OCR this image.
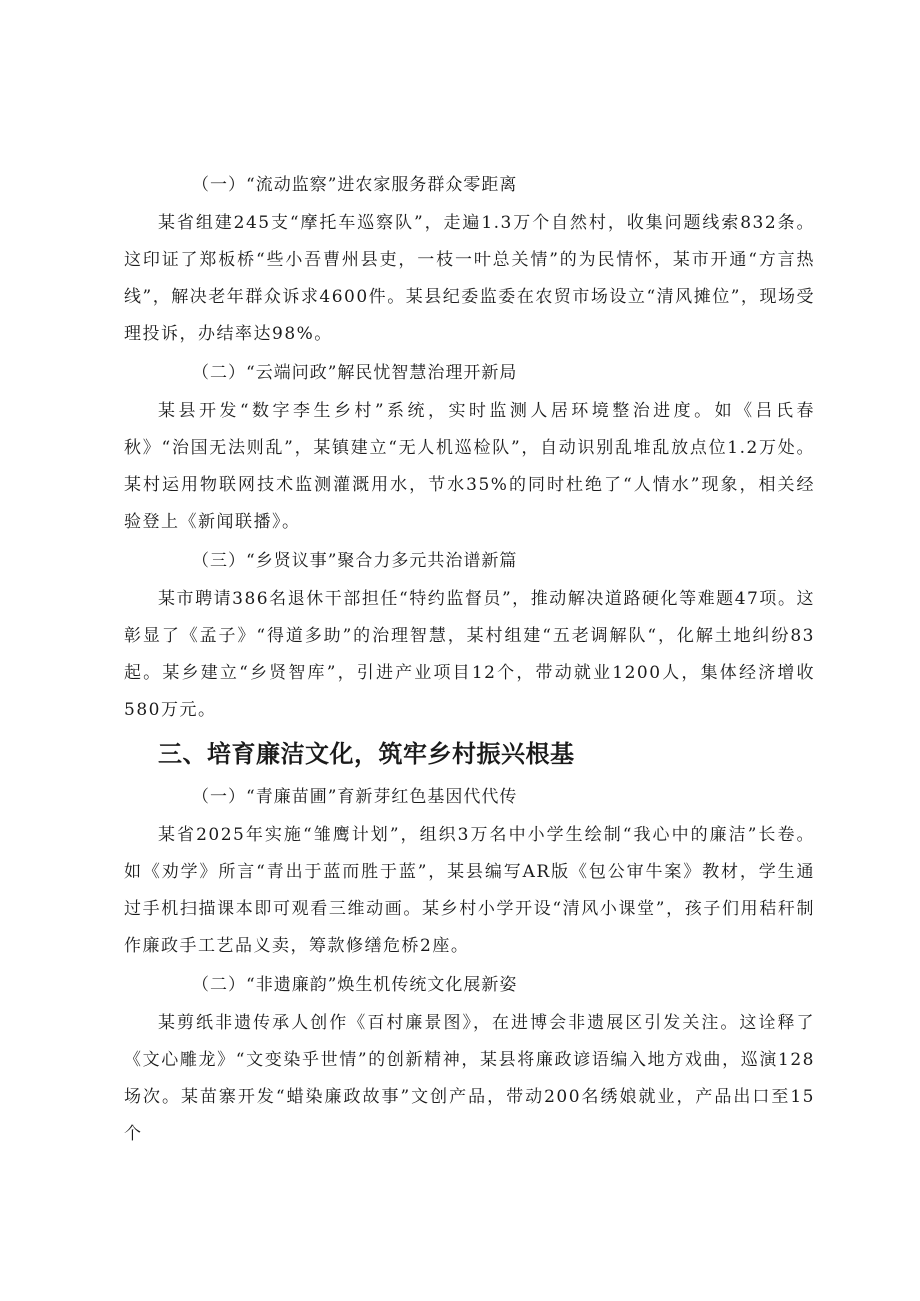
（一）“流动监察”进农家服务群众零距离

某省组建245支“摩托车巡察队”，走遍1.3万个自然村，收集问题线索832条。这印证了郑板桥“些小吾曹州县吏，一枝一叶总关情”的为民情怀，某市开通“方言热线”，解决老年群众诉求4600件。某县纪委监委在农贸市场设立“清风摊位”，现场受理投诉，办结率达98%。

（二）“云端问政”解民忧智慧治理开新局

某县开发“数字李生乡村”系统，实时监测人居环境整治进度。如《吕氏春秋》“治国无法则乱”，某镇建立“无人机巡检队”，自动识别乱堆乱放点位1.2万处。某村运用物联网技术监测灌溉用水，节水35%的同时杜绝了“人情水”现象，相关经验登上《新闻联播》。

（三）“乡贤议事”聚合力多元共治谱新篇

某市聘请386名退休干部担任“特约监督员”，推动解决道路硬化等难题47项。这彰显了《孟子》“得道多助”的治理智慧，某村组建“五老调解队“，化解土地纠纷83起。某乡建立“乡贤智库”，引进产业项目12个，带动就业1200人，集体经济增收580万元。

三、培育廉洁文化，筑牢乡村振兴根基

（一）“青廉苗圃”育新芽红色基因代代传

某省2025年实施“雏鹰计划”，组织3万名中小学生绘制“我心中的廉洁”长卷。如《劝学》所言“青出于蓝而胜于蓝”，某县编写AR版《包公审牛案》教材，学生通过手机扫描课本即可观看三维动画。某乡村小学开设“清风小课堂”，孩子们用秸秆制作廉政手工艺品义卖，筹款修缮危桥2座。

（二）“非遗廉韵”焕生机传统文化展新姿

某剪纸非遗传承人创作《百村廉景图》，在进博会非遗展区引发关注。这诠释了《文心雕龙》“文变染乎世情”的创新精神，某县将廉政谚语编入地方戏曲，巡演128场次。某苗寨开发“蜡染廉政故事”文创产品，带动200名绣娘就业，产品出口至15个
